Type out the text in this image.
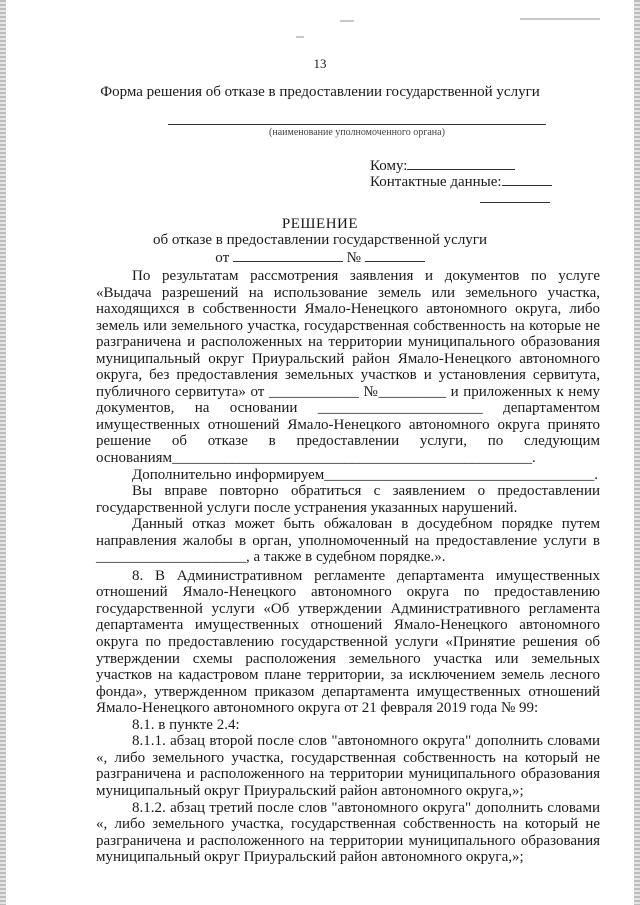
13
Форма решения об отказе в предоставлении государственной услуги
(наименование уполномоченного органа)
Кому:
Контактные данные:
РЕШЕНИЕ
об отказе в предоставлении государственной услуги
от	№

По результатам рассмотрения заявления и документов по услуге «Выдача разрешений на использование земель или земельного участка, находящихся в собственности Ямало-Ненецкого автономного округа, либо земель или земельного участка, государственная собственность на которые не разграничена и расположенных на территории муниципального образования муниципальный округ Приуральский район Ямало-Ненецкого автономного округа, без предоставления земельных участков и установления сервитута, публичного сервитута» от ____________ №_________ и приложенных к нему документов, на основании ______________________ департаментом имущественных отношений Ямало-Ненецкого автономного округа принято решение об отказе в предоставлении услуги, по следующим основаниям________________________________________________.

Дополнительно информируем____________________________________.

Вы вправе повторно обратиться с заявлением о предоставлении государственной услуги после устранения указанных нарушений.

Данный отказ может быть обжалован в досудебном порядке путем направления жалобы в орган, уполномоченный на предоставление услуги в ____________________, а также в судебном порядке.».

8. В Административном регламенте департамента имущественных отношений Ямало-Ненецкого автономного округа по предоставлению государственной услуги «Об утверждении Административного регламента департамента имущественных отношений Ямало-Ненецкого автономного округа по предоставлению государственной услуги «Принятие решения об утверждении схемы расположения земельного участка или земельных участков на кадастровом плане территории, за исключением земель лесного фонда», утвержденном приказом департамента имущественных отношений Ямало-Ненецкого автономного округа от 21 февраля 2019 года № 99:

8.1. в пункте 2.4:

8.1.1. абзац второй после слов "автономного округа" дополнить словами «, либо земельного участка, государственная собственность на который не разграничена и расположенного на территории муниципального образования муниципальный округ Приуральский район автономного округа,»;

8.1.2. абзац третий после слов "автономного округа" дополнить словами «, либо земельного участка, государственная собственность на который не разграничена и расположенного на территории муниципального образования муниципальный округ Приуральский район автономного округа,»;
